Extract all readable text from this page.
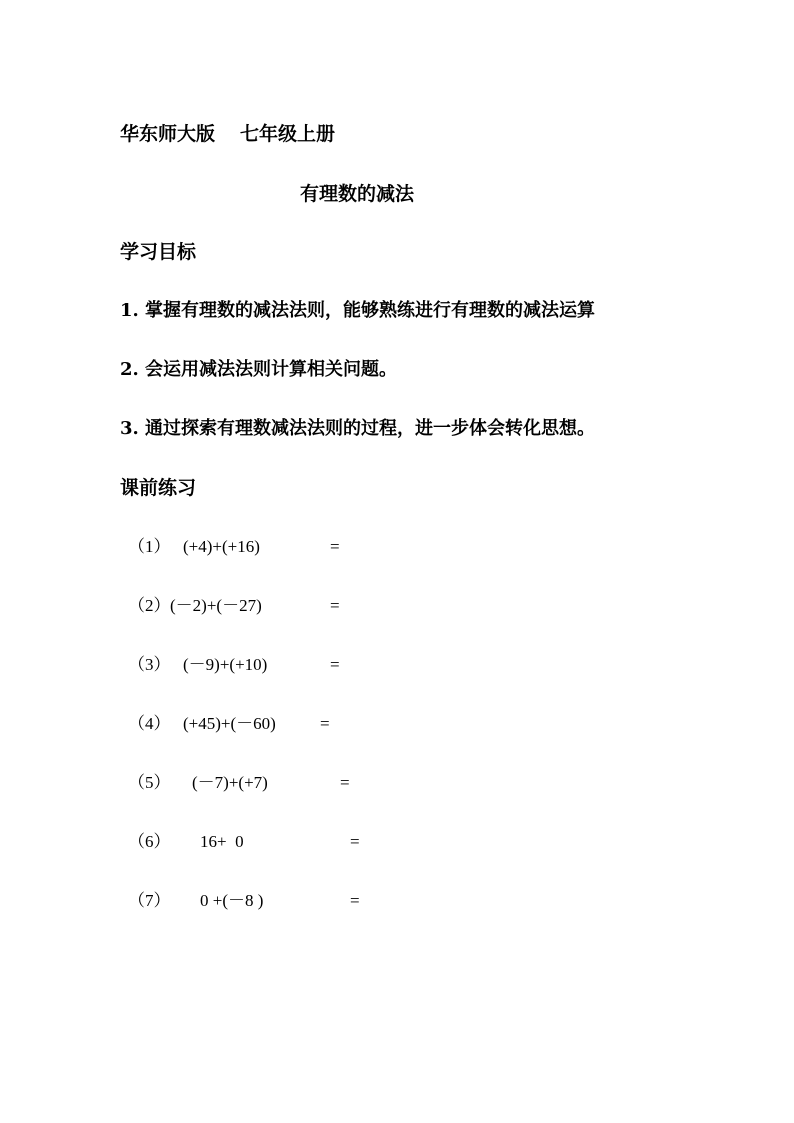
华东师大版 七年级上册
有理数的减法
学习目标
1. 掌握有理数的减法法则，能够熟练进行有理数的减法运算
2. 会运用减法法则计算相关问题。
3. 通过探索有理数减法法则的过程，进一步体会转化思想。
课前练习

（1）

(+4)+(+16)

	=

（2）

(－2)+(－27)

	=

（3）

(－9)+(+10)

	=

（4）

(+45)+(－60)

	=

（5）

(－7)+(+7)

	=

（6）

16+  0

	=

（7）

0 +(－8 )

	=
